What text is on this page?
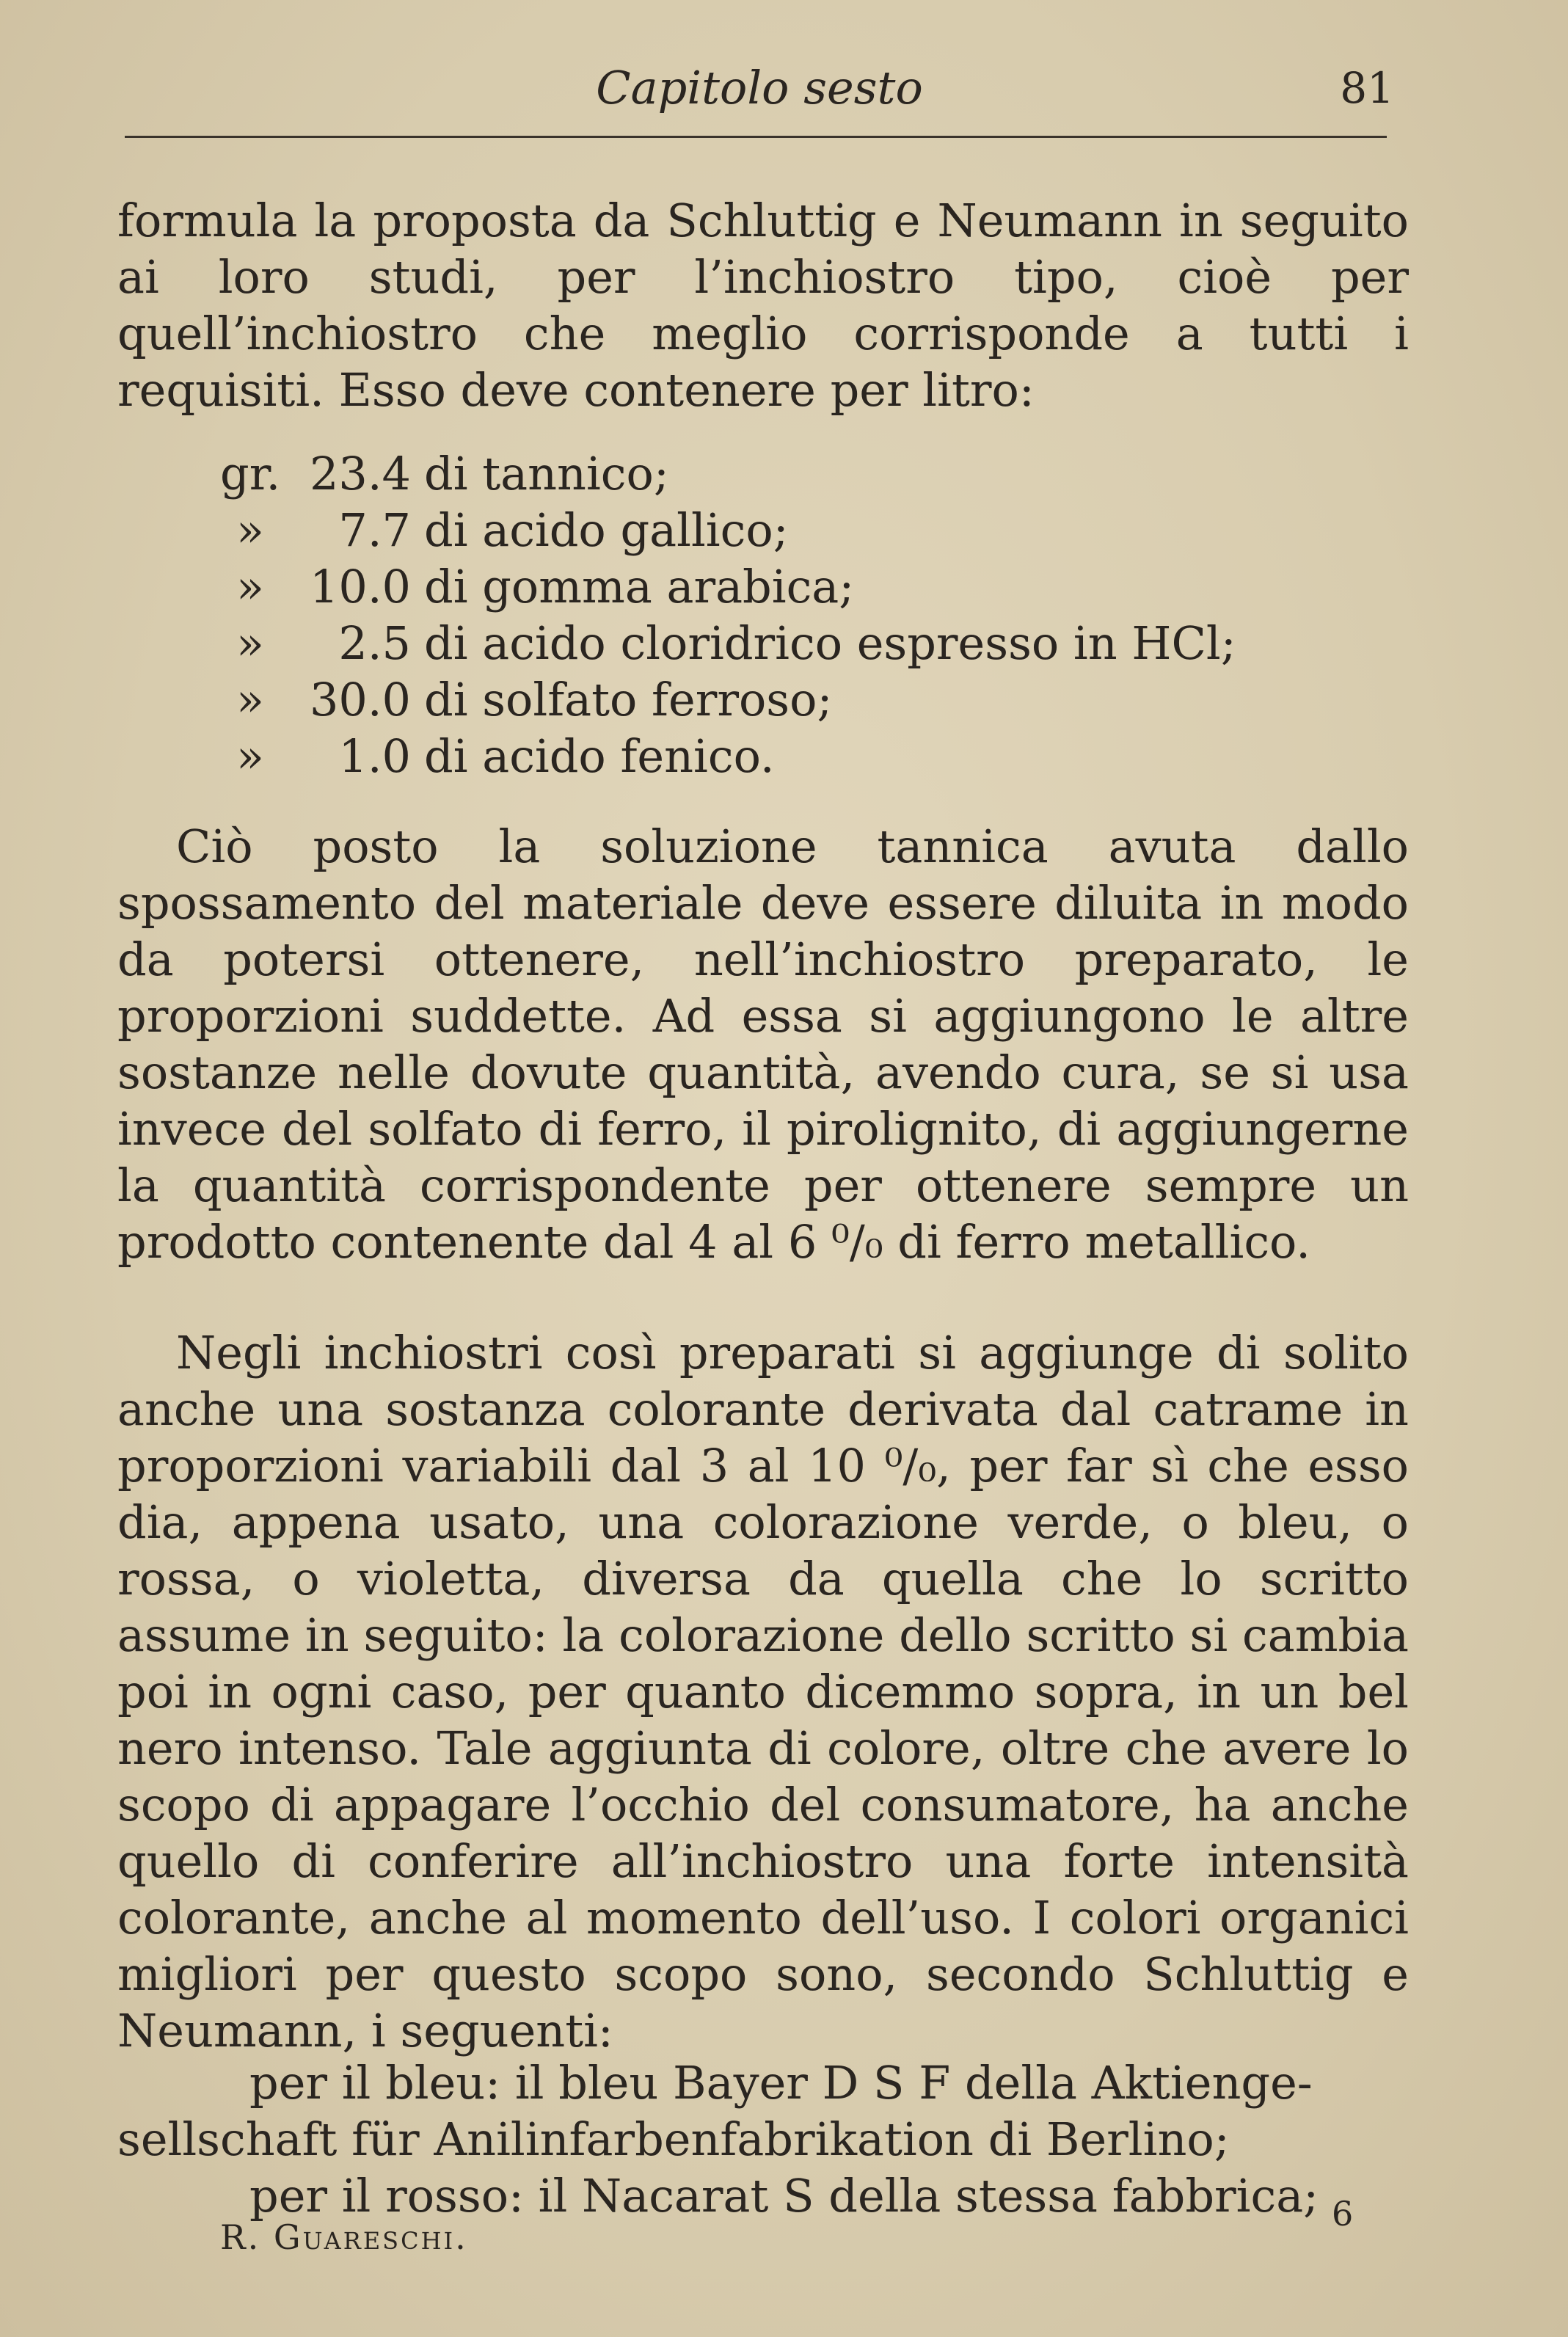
Capitolo sesto	81
formula la proposta da Schluttig e Neumann in seguito ai loro studi, per l’inchiostro tipo, cioè per quell’inchiostro che meglio corrisponde a tutti i requisiti. Esso deve contenere per litro:
gr. 23.4 di tannico;
»	7.7 di acido gallico;
»	10.0 di gomma arabica;
»	2.5 di acido cloridrico espresso in HCl;
»	30.0 di solfato ferroso;
»	1.0 di acido fenico.
Ciò posto la soluzione tannica avuta dallo spossamento del materiale deve essere diluita in modo da potersi ottenere, nell’inchiostro preparato, le proporzioni suddette. Ad essa si aggiungono le altre sostanze nelle dovute quantità, avendo cura, se si usa invece del solfato di ferro, il pirolignito, di aggiungerne la quantità corrispondente per ottenere sempre un prodotto contenente dal 4 al 6 ⁰/₀ di ferro metallico.
Negli inchiostri così preparati si aggiunge di solito anche una sostanza colorante derivata dal catrame in proporzioni variabili dal 3 al 10 ⁰/₀, per far sì che esso dia, appena usato, una colorazione verde, o bleu, o rossa, o violetta, diversa da quella che lo scritto assume in seguito: la colorazione dello scritto si cambia poi in ogni caso, per quanto dicemmo sopra, in un bel nero intenso. Tale aggiunta di colore, oltre che avere lo scopo di appagare l’occhio del consumatore, ha anche quello di conferire all’inchiostro una forte intensità colorante, anche al momento dell’uso. I colori organici migliori per questo scopo sono, secondo Schluttig e Neumann, i seguenti:
per il bleu: il bleu Bayer D S F della Aktienge-
sellschaft für Anilinfarbenfabrikation di Berlino;
per il rosso: il Nacarat S della stessa fabbrica;
R. Guareschi.
6
